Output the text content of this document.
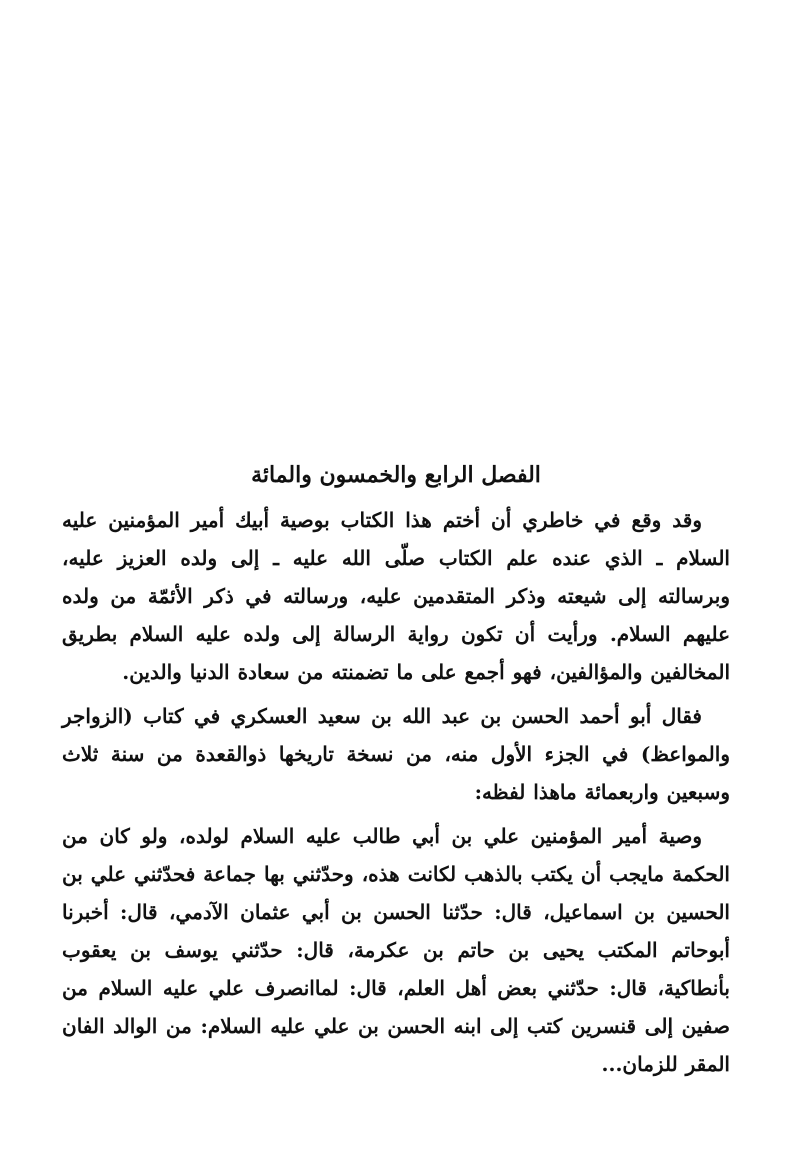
الفصل الرابع والخمسون والمائة

وقد وقع في خاطري أن أختم هذا الكتاب بوصية أبيك أمير المؤمنين عليه السلام ـ الذي عنده علم الكتاب صلّى الله عليه ـ إلى ولده العزيز عليه، وبرسالته إلى شيعته وذكر المتقدمين عليه، ورسالته في ذكر الأئمّة من ولده عليهم السلام. ورأيت أن تكون رواية الرسالة إلى ولده عليه السلام بطريق المخالفين والمؤالفين، فهو أجمع على ما تضمنته من سعادة الدنيا والدين.

فقال أبو أحمد الحسن بن عبد الله بن سعيد العسكري في كتاب (الزواجر والمواعظ) في الجزء الأول منه، من نسخة تاريخها ذوالقعدة من سنة ثلاث وسبعين واربعمائة ماهذا لفظه:

وصية أمير المؤمنين علي بن أبي طالب عليه السلام لولده، ولو كان من الحكمة مايجب أن يكتب بالذهب لكانت هذه، وحدّثني بها جماعة فحدّثني علي بن الحسين بن اسماعيل، قال: حدّثنا الحسن بن أبي عثمان الآدمي، قال: أخبرنا أبوحاتم المكتب يحيى بن حاتم بن عكرمة، قال: حدّثني يوسف بن يعقوب بأنطاكية، قال: حدّثني بعض أهل العلم، قال: لماانصرف علي عليه السلام من صفين إلى قنسرين كتب إلى ابنه الحسن بن علي عليه السلام: من الوالد الفان المقر للزمان...
